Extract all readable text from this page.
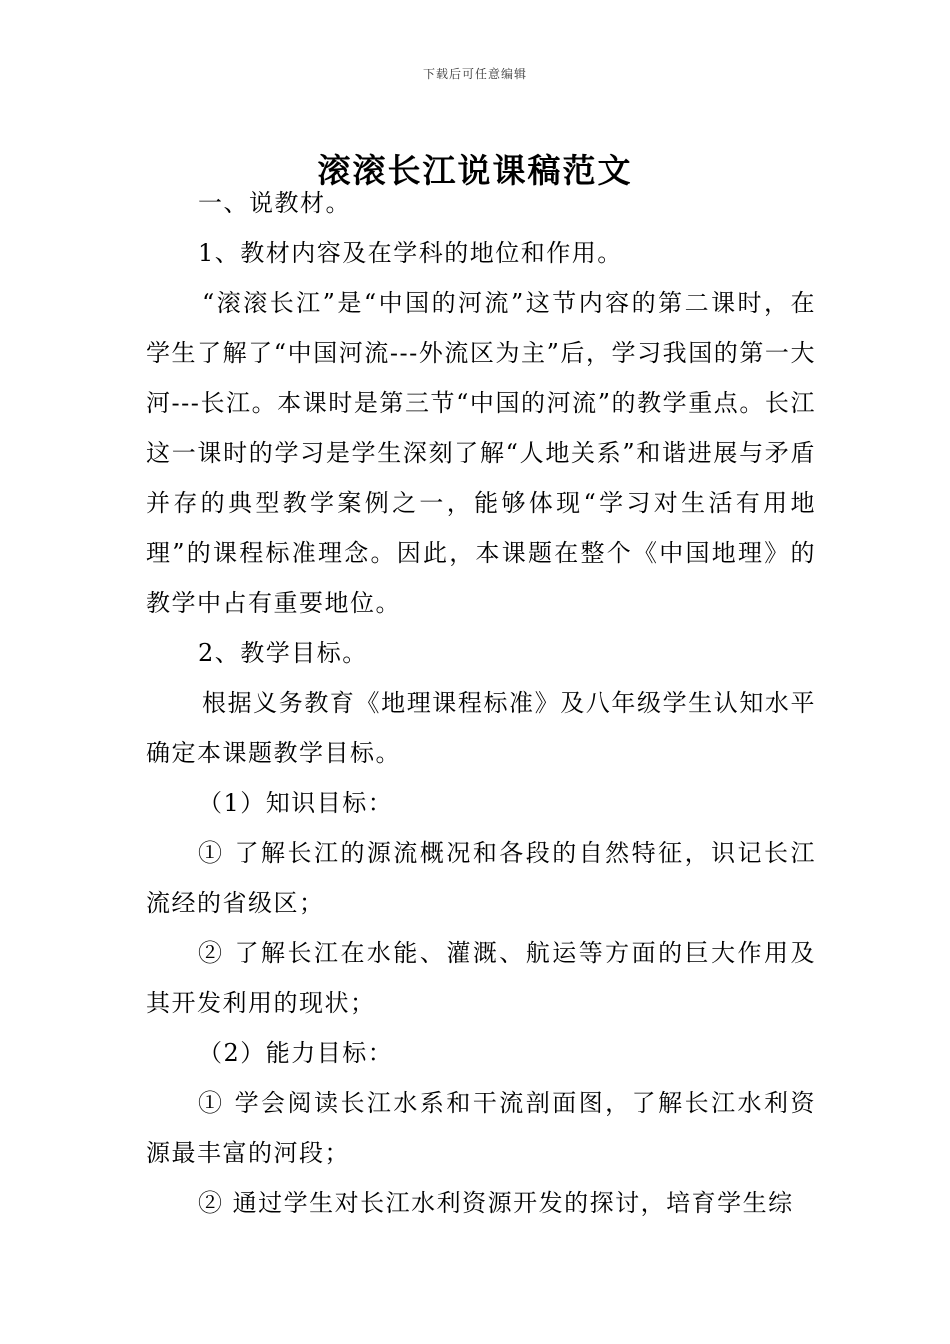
下载后可任意编辑
滚滚长江说课稿范文

一、说教材。

1、教材内容及在学科的地位和作用。

“滚滚长江”是“中国的河流”这节内容的第二课时，在学生了解了“中国河流---外流区为主”后，学习我国的第一大河---长江。本课时是第三节“中国的河流”的教学重点。长江这一课时的学习是学生深刻了解“人地关系”和谐进展与矛盾并存的典型教学案例之一，能够体现“学习对生活有用地理”的课程标准理念。因此，本课题在整个《中国地理》的教学中占有重要地位。

2、教学目标。

根据义务教育《地理课程标准》及八年级学生认知水平确定本课题教学目标。

（1）知识目标：

① 了解长江的源流概况和各段的自然特征，识记长江流经的省级区；

② 了解长江在水能、灌溉、航运等方面的巨大作用及其开发利用的现状；

（2）能力目标：

① 学会阅读长江水系和干流剖面图，了解长江水利资源最丰富的河段；

② 通过学生对长江水利资源开发的探讨，培育学生综
